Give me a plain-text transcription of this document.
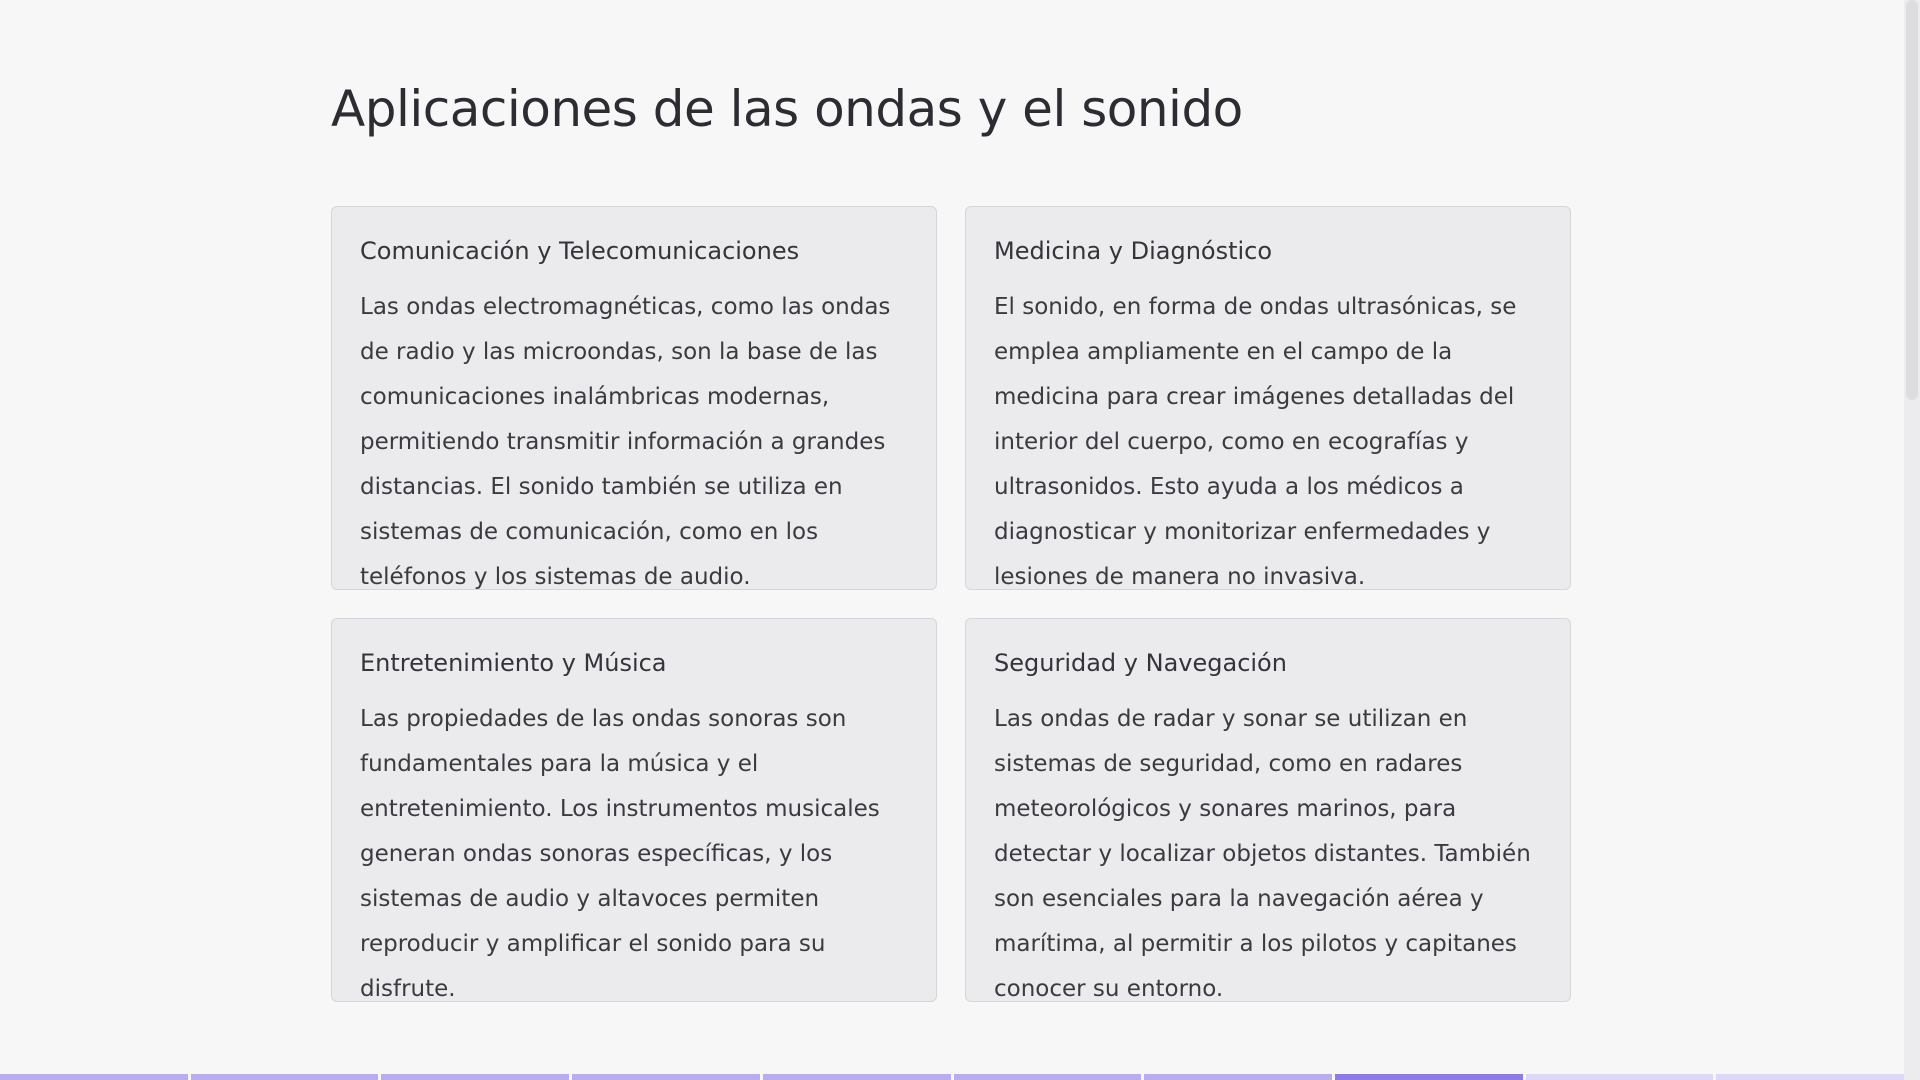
Aplicaciones de las ondas y el sonido
Comunicación y Telecomunicaciones

Las ondas electromagnéticas, como las ondas de radio y las microondas, son la base de las comunicaciones inalámbricas modernas, permitiendo transmitir información a grandes distancias. El sonido también se utiliza en sistemas de comunicación, como en los teléfonos y los sistemas de audio.

Medicina y Diagnóstico

El sonido, en forma de ondas ultrasónicas, se emplea ampliamente en el campo de la medicina para crear imágenes detalladas del interior del cuerpo, como en ecografías y ultrasonidos. Esto ayuda a los médicos a diagnosticar y monitorizar enfermedades y lesiones de manera no invasiva.

Entretenimiento y Música

Las propiedades de las ondas sonoras son fundamentales para la música y el entretenimiento. Los instrumentos musicales generan ondas sonoras específicas, y los sistemas de audio y altavoces permiten reproducir y amplificar el sonido para su disfrute.

Seguridad y Navegación

Las ondas de radar y sonar se utilizan en sistemas de seguridad, como en radares meteorológicos y sonares marinos, para detectar y localizar objetos distantes. También son esenciales para la navegación aérea y marítima, al permitir a los pilotos y capitanes conocer su entorno.
